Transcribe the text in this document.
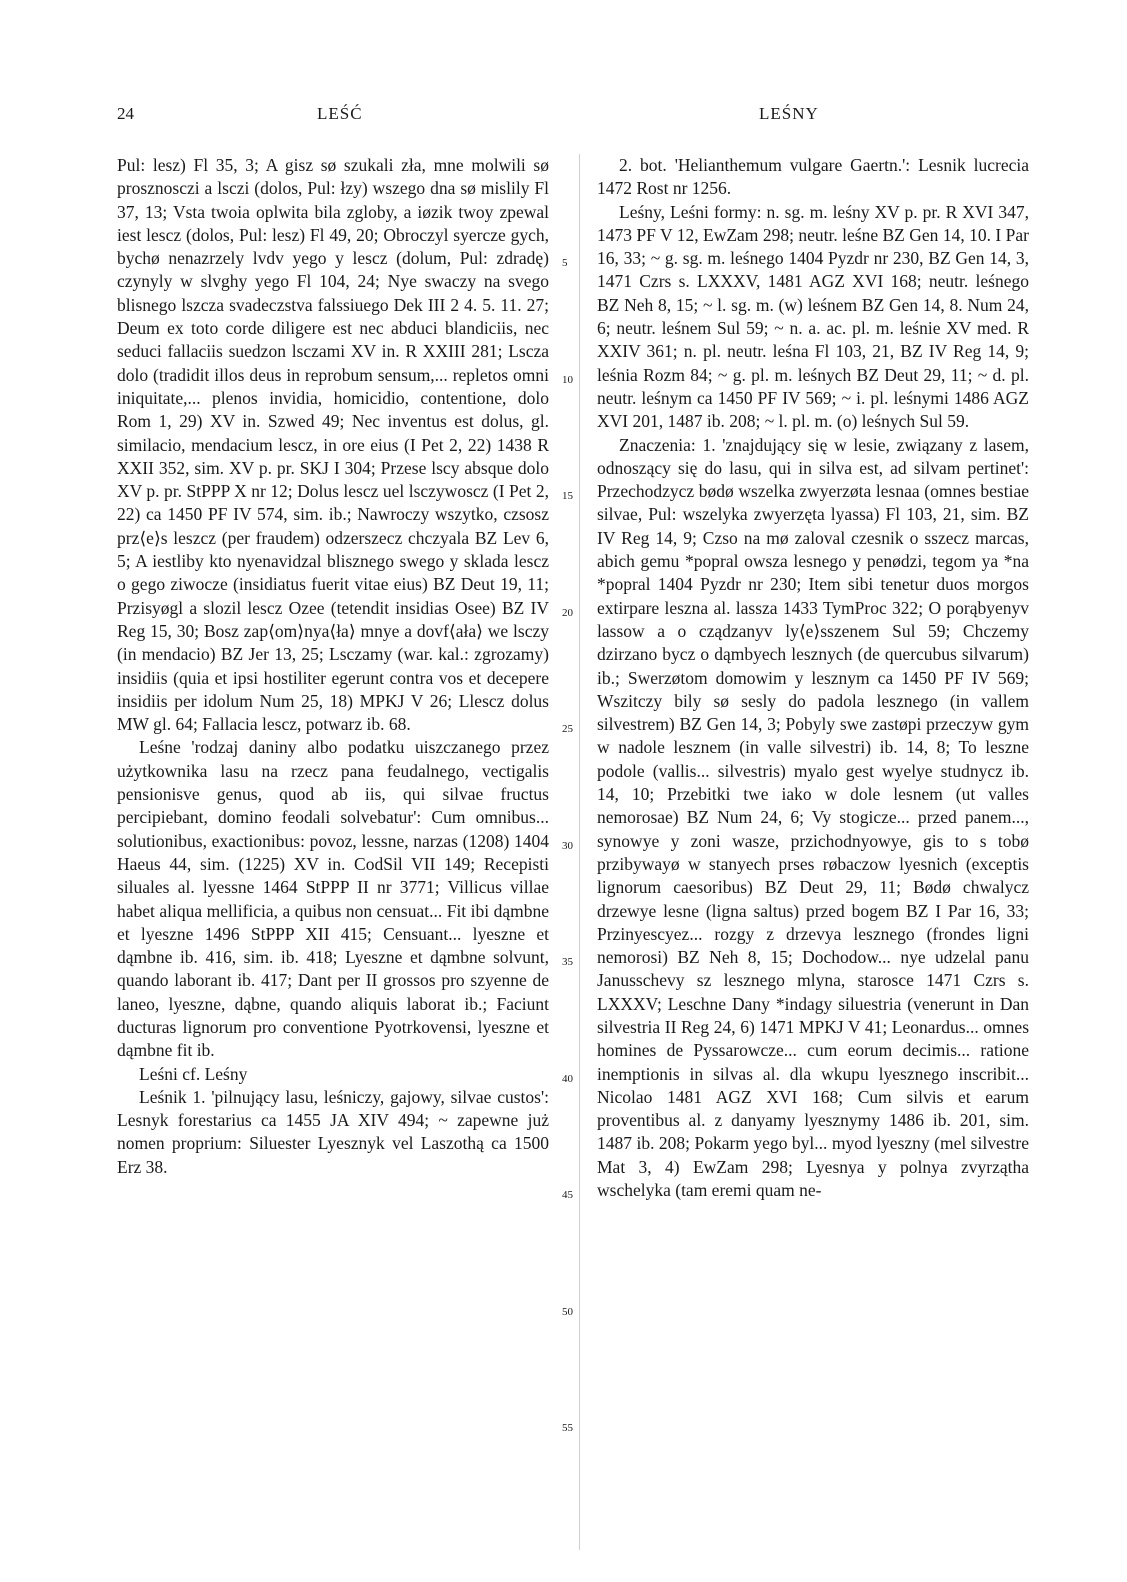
24	LEŚĆ	LEŚNY

Pul: lesz) Fl 35, 3; A gisz sø szukali zła, mne molwili sø prosznosczi a lsczi (dolos, Pul: łzy) wszego dna sø mislily Fl 37, 13; Vsta twoia oplwita bila zgloby, a iøzik twoy zpewal iest lescz (dolos, Pul: lesz) Fl 49, 20; Obroczyl syercze gych, bychø nenazrzely lvdv yego y lescz (dolum, Pul: zdradę) czynyly w slvghy yego Fl 104, 24; Nye swaczy na svego blisnego lszcza svadeczstva falssiuego Dek III 2 4. 5. 11. 27; Deum ex toto corde diligere est nec abduci blandiciis, nec seduci fallaciis suedzon lsczami XV in. R XXIII 281; Lscza dolo (tradidit illos deus in reprobum sensum,... repletos omni iniquitate,... plenos invidia, homicidio, contentione, dolo Rom 1, 29) XV in. Szwed 49; Nec inventus est dolus, gl. similacio, mendacium lescz, in ore eius (I Pet 2, 22) 1438 R XXII 352, sim. XV p. pr. SKJ I 304; Przese lscy absque dolo XV p. pr. StPPP X nr 12; Dolus lescz uel lsczywoscz (I Pet 2, 22) ca 1450 PF IV 574, sim. ib.; Nawroczy wszytko, czsosz prz⟨e⟩s leszcz (per fraudem) odzerszecz chczyala BZ Lev 6, 5; A iestliby kto nyenavidzal blisznego swego y sklada lescz o gego ziwocze (insidiatus fuerit vitae eius) BZ Deut 19, 11; Przisyøgl a slozil lescz Ozee (tetendit insidias Osee) BZ IV Reg 15, 30; Bosz zap⟨om⟩nya⟨ła⟩ mnye a dovf⟨ała⟩ we lsczy (in mendacio) BZ Jer 13, 25; Lsczamy (war. kal.: zgrozamy) insidiis (quia et ipsi hostiliter egerunt contra vos et decepere insidiis per idolum Num 25, 18) MPKJ V 26; Llescz dolus MW gl. 64; Fallacia lescz, potwarz ib. 68.

Leśne 'rodzaj daniny albo podatku uiszczanego przez użytkownika lasu na rzecz pana feudalnego, vectigalis pensionisve genus, quod ab iis, qui silvae fructus percipiebant, domino feodali solvebatur': Cum omnibus... solutionibus, exactionibus: povoz, lessne, narzas (1208) 1404 Haeus 44, sim. (1225) XV in. CodSil VII 149; Recepisti siluales al. lyessne 1464 StPPP II nr 3771; Villicus villae habet aliqua mellificia, a quibus non censuat... Fit ibi dąmbne et lyeszne 1496 StPPP XII 415; Censuant... lyeszne et dąmbne ib. 416, sim. ib. 418; Lyeszne et dąmbne solvunt, quando laborant ib. 417; Dant per II grossos pro szyenne de laneo, lyeszne, dąbne, quando aliquis laborat ib.; Faciunt ducturas lignorum pro conventione Pyotrkovensi, lyeszne et dąmbne fit ib.

Leśni cf. Leśny

Leśnik 1. 'pilnujący lasu, leśniczy, gajowy, silvae custos': Lesnyk forestarius ca 1455 JA XIV 494; ~ zapewne już nomen proprium: Siluester Lyesznyk vel Laszothą ca 1500 Erz 38.

5
10
15
20
25
30
35
40
45
50
55

2. bot. 'Helianthemum vulgare Gaertn.': Lesnik lucrecia 1472 Rost nr 1256.

Leśny, Leśni formy: n. sg. m. leśny XV p. pr. R XVI 347, 1473 PF V 12, EwZam 298; neutr. leśne BZ Gen 14, 10. I Par 16, 33; ~ g. sg. m. leśnego 1404 Pyzdr nr 230, BZ Gen 14, 3, 1471 Czrs s. LXXXV, 1481 AGZ XVI 168; neutr. leśnego BZ Neh 8, 15; ~ l. sg. m. (w) leśnem BZ Gen 14, 8. Num 24, 6; neutr. leśnem Sul 59; ~ n. a. ac. pl. m. leśnie XV med. R XXIV 361; n. pl. neutr. leśna Fl 103, 21, BZ IV Reg 14, 9; leśnia Rozm 84; ~ g. pl. m. leśnych BZ Deut 29, 11; ~ d. pl. neutr. leśnym ca 1450 PF IV 569; ~ i. pl. leśnymi 1486 AGZ XVI 201, 1487 ib. 208; ~ l. pl. m. (o) leśnych Sul 59.

Znaczenia: 1. 'znajdujący się w lesie, związany z lasem, odnoszący się do lasu, qui in silva est, ad silvam pertinet': Przechodzycz bødø wszelka zwyerzøta lesnaa (omnes bestiae silvae, Pul: wszelyka zwyerzęta lyassa) Fl 103, 21, sim. BZ IV Reg 14, 9; Czso na mø zaloval czesnik o sszecz marcas, abich gemu *popral owsza lesnego y penødzi, tegom ya *na *popral 1404 Pyzdr nr 230; Item sibi tenetur duos morgos extirpare leszna al. lassza 1433 TymProc 322; O porąbyenyv lassow a o cządzanyv ly⟨e⟩sszenem Sul 59; Chczemy dzirzano bycz o dąmbyech lesznych (de quercubus silvarum) ib.; Swerzøtom domowim y lesznym ca 1450 PF IV 569; Wszitczy bily sø sesly do padola lesznego (in vallem silvestrem) BZ Gen 14, 3; Pobyly swe zastøpi przeczyw gym w nadole lesznem (in valle silvestri) ib. 14, 8; To leszne podole (vallis... silvestris) myalo gest wyelye studnycz ib. 14, 10; Przebitki twe iako w dole lesnem (ut valles nemorosae) BZ Num 24, 6; Vy stogicze... przed panem..., synowye y zoni wasze, przichodnyowye, gis to s tobø przibywayø w stanyech prses røbaczow lyesnich (exceptis lignorum caesoribus) BZ Deut 29, 11; Bødø chwalycz drzewye lesne (ligna saltus) przed bogem BZ I Par 16, 33; Przinyescyez... rozgy z drzevya lesznego (frondes ligni nemorosi) BZ Neh 8, 15; Dochodow... nye udzelal panu Janusschevy sz lesznego mlyna, starosce 1471 Czrs s. LXXXV; Leschne Dany *indagy siluestria (venerunt in Dan silvestria II Reg 24, 6) 1471 MPKJ V 41; Leonardus... omnes homines de Pyssarowcze... cum eorum decimis... ratione inemptionis in silvas al. dla wkupu lyesznego inscribit... Nicolao 1481 AGZ XVI 168; Cum silvis et earum proventibus al. z danyamy lyesznymy 1486 ib. 201, sim. 1487 ib. 208; Pokarm yego byl... myod lyeszny (mel silvestre Mat 3, 4) EwZam 298; Lyesnya y polnya zvyrzątha wschelyka (tam eremi quam ne-
